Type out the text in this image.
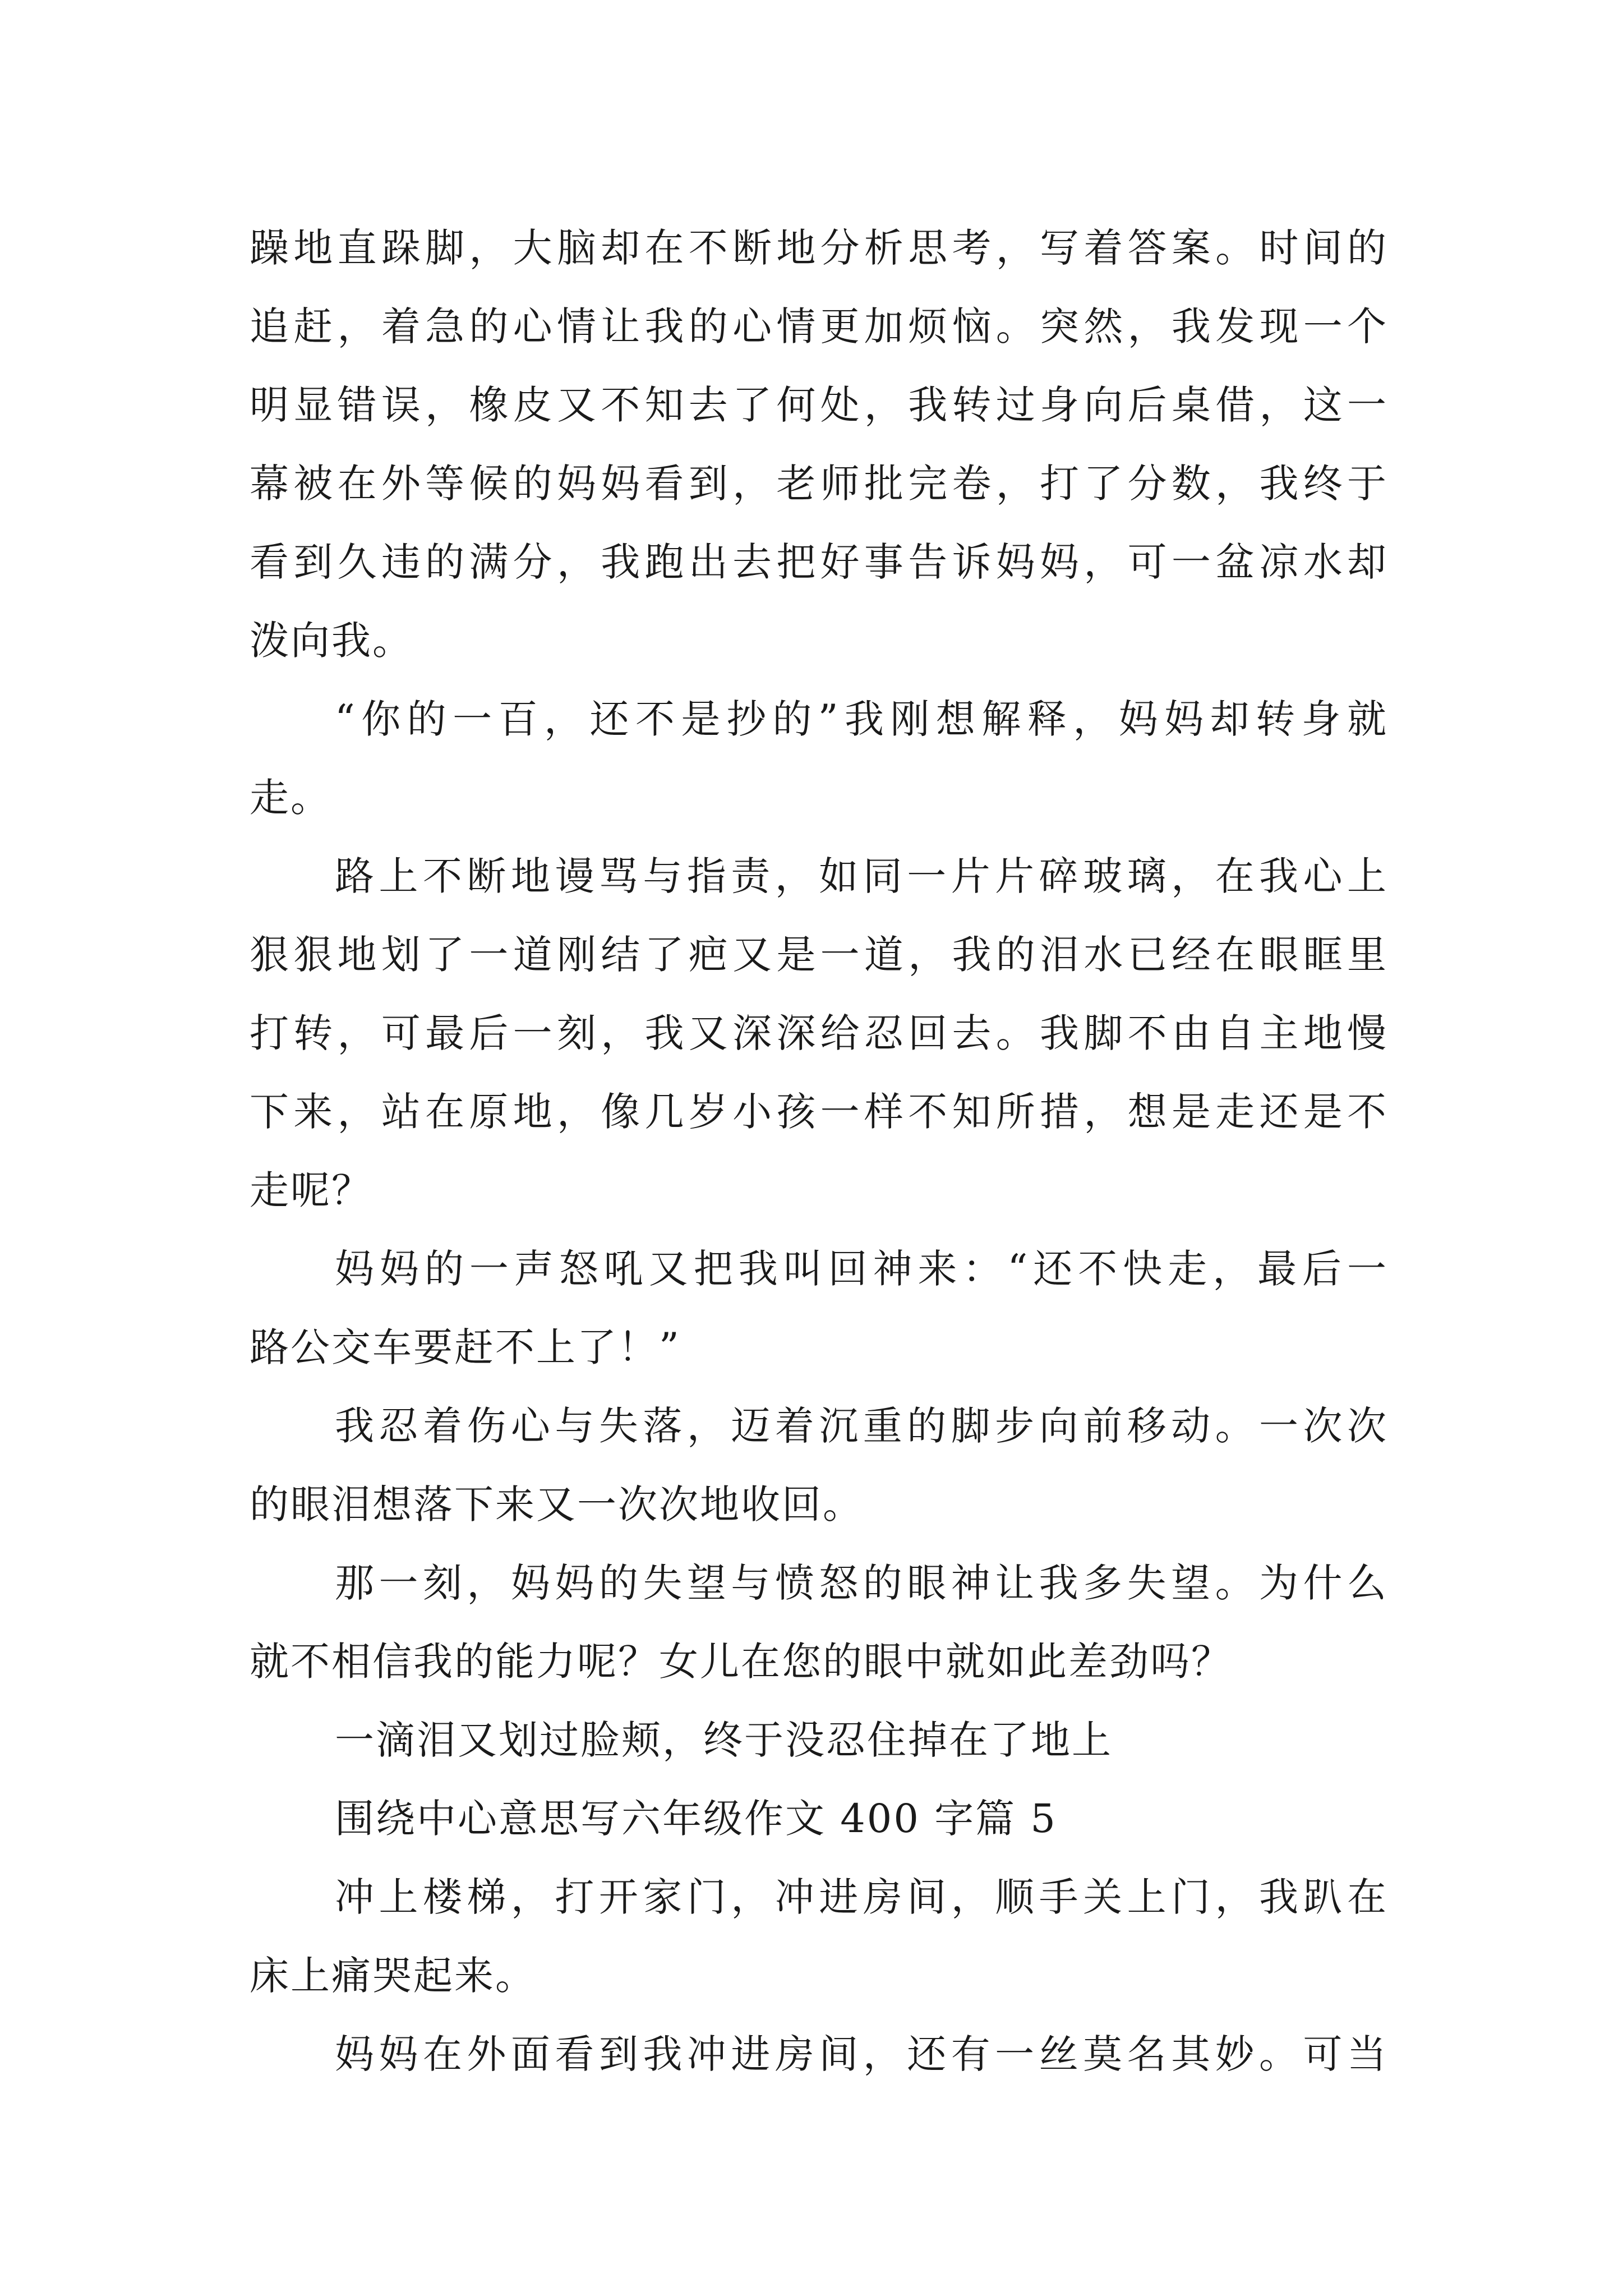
躁地直跺脚，大脑却在不断地分析思考，写着答案。时间的
追赶，着急的心情让我的心情更加烦恼。突然，我发现一个
明显错误，橡皮又不知去了何处，我转过身向后桌借，这一
幕被在外等候的妈妈看到，老师批完卷，打了分数，我终于
看到久违的满分，我跑出去把好事告诉妈妈，可一盆凉水却
泼向我。
“你的一百，还不是抄的”我刚想解释，妈妈却转身就
走。
路上不断地谩骂与指责，如同一片片碎玻璃，在我心上
狠狠地划了一道刚结了疤又是一道，我的泪水已经在眼眶里
打转，可最后一刻，我又深深给忍回去。我脚不由自主地慢
下来，站在原地，像几岁小孩一样不知所措，想是走还是不
走呢？
妈妈的一声怒吼又把我叫回神来：“还不快走，最后一
路公交车要赶不上了！”
我忍着伤心与失落，迈着沉重的脚步向前移动。一次次
的眼泪想落下来又一次次地收回。
那一刻，妈妈的失望与愤怒的眼神让我多失望。为什么
就不相信我的能力呢？女儿在您的眼中就如此差劲吗？
一滴泪又划过脸颊，终于没忍住掉在了地上
围绕中心意思写六年级作文 400 字篇 5
冲上楼梯，打开家门，冲进房间，顺手关上门，我趴在
床上痛哭起来。
妈妈在外面看到我冲进房间，还有一丝莫名其妙。可当
